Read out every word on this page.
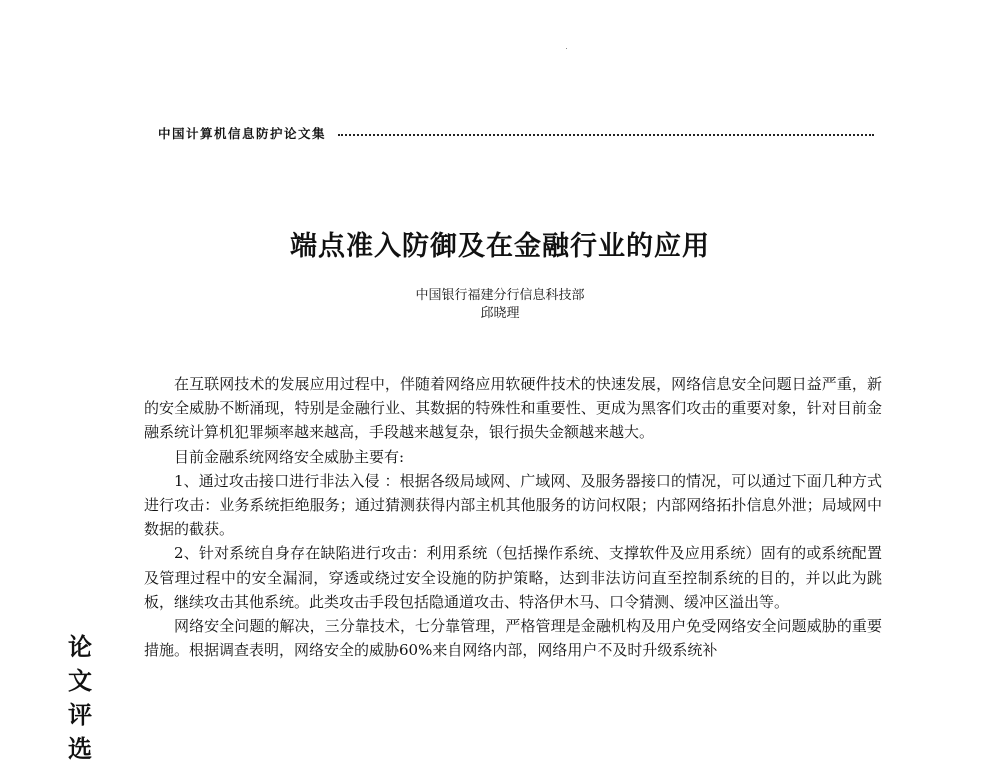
中国计算机信息防护论文集
端点准入防御及在金融行业的应用
中国银行福建分行信息科技部
邱晓理

在互联网技术的发展应用过程中，伴随着网络应用软硬件技术的快速发展，网络信息安全问题日益严重，新的安全威胁不断涌现，特别是金融行业、其数据的特殊性和重要性、更成为黑客们攻击的重要对象，针对目前金融系统计算机犯罪频率越来越高，手段越来越复杂，银行损失金额越来越大。

目前金融系统网络安全威胁主要有:

1、通过攻击接口进行非法入侵 ：根据各级局域网、广域网、及服务器接口的情况，可以通过下面几种方式进行攻击：业务系统拒绝服务；通过猜测获得内部主机其他服务的访问权限；内部网络拓扑信息外泄；局域网中数据的截获。

2、针对系统自身存在缺陷进行攻击：利用系统（包括操作系统、支撑软件及应用系统）固有的或系统配置及管理过程中的安全漏洞，穿透或绕过安全设施的防护策略，达到非法访问直至控制系统的目的，并以此为跳板，继续攻击其他系统。此类攻击手段包括隐通道攻击、特洛伊木马、口令猜测、缓冲区溢出等。

网络安全问题的解决，三分靠技术，七分靠管理，严格管理是金融机构及用户免受网络安全问题威胁的重要措施。根据调查表明，网络安全的威胁60%来自网络内部，网络用户不及时升级系统补

论
文
评
选
